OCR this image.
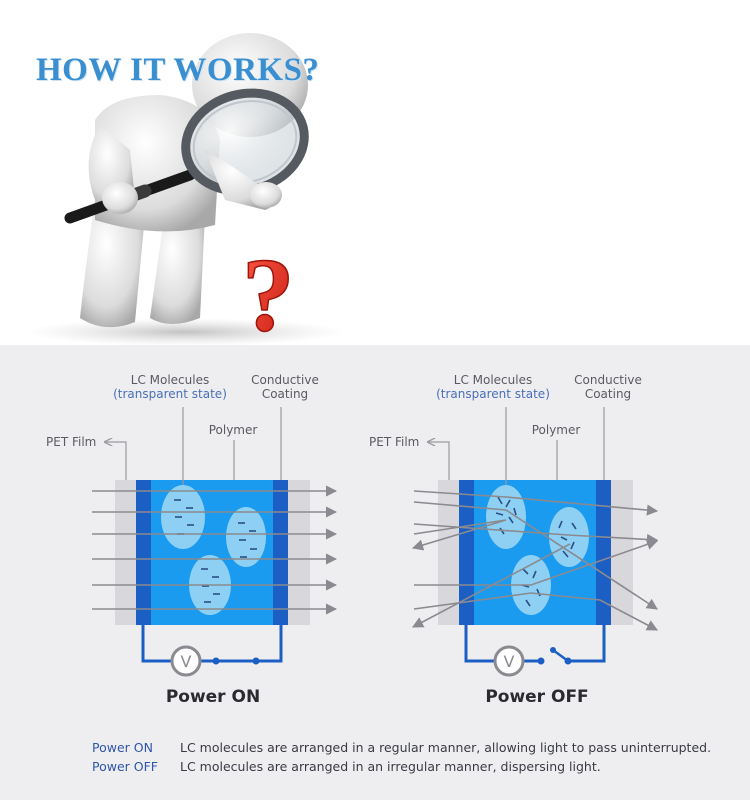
?
HOW IT WORKS?
V
LC Molecules
(transparent state)
Conductive
Coating
Polymer
PET Film
Power ON
V
LC Molecules
(transparent state)
Conductive
Coating
Polymer
PET Film
Power OFF
Power ON LC molecules are arranged in a regular manner, allowing light to pass uninterrupted.
Power OFF LC molecules are arranged in an irregular manner, dispersing light.
